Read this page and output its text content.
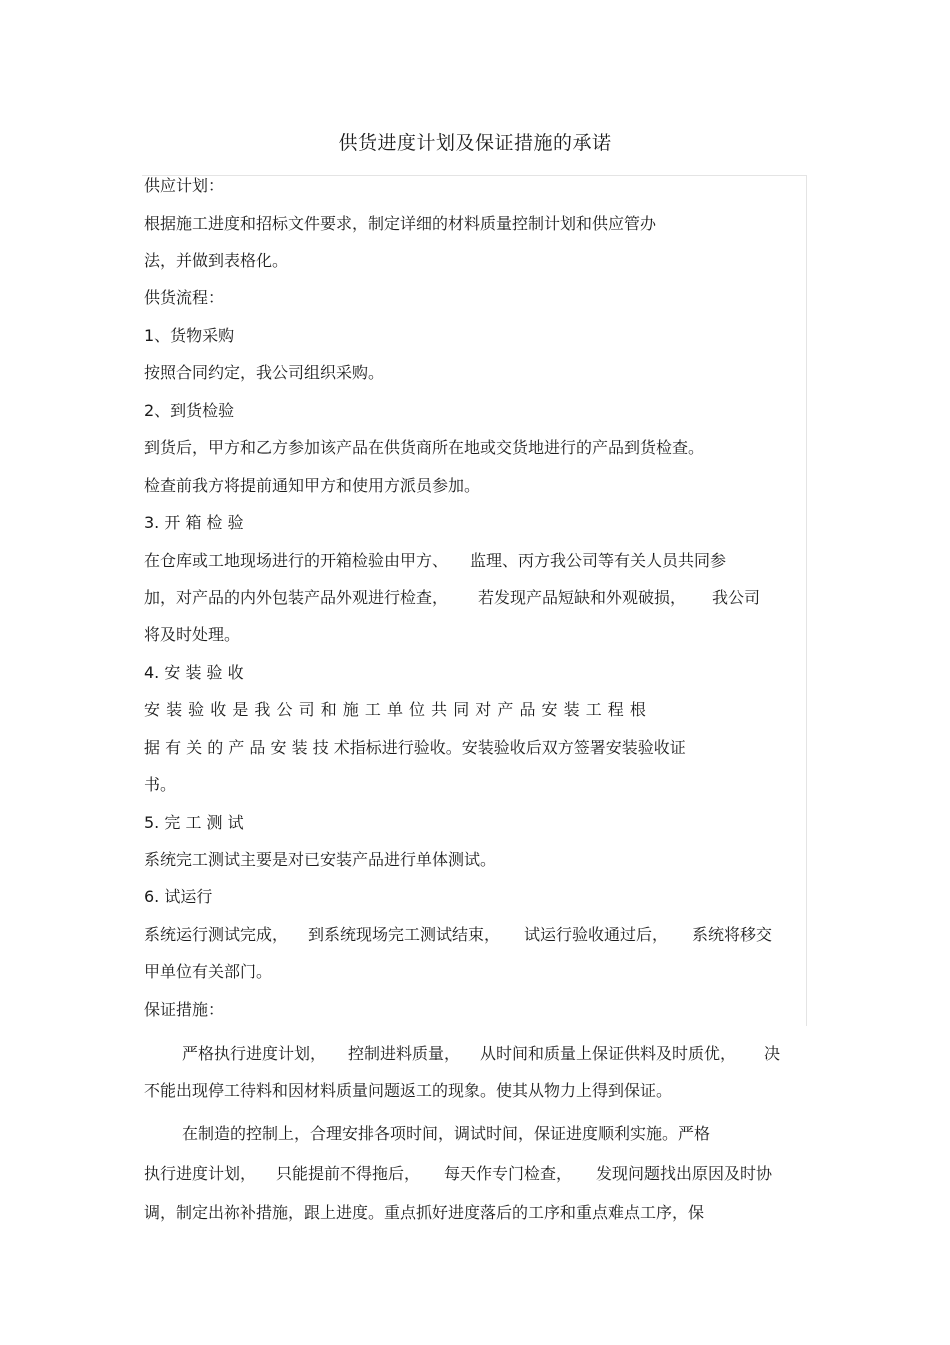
供货进度计划及保证措施的承诺
供应计划：
根据施工进度和招标文件要求，制定详细的材料质量控制计划和供应管办
法，并做到表格化。
供货流程：
1、货物采购
按照合同约定，我公司组织采购。
2、到货检验
到货后，甲方和乙方参加该产品在供货商所在地或交货地进行的产品到货检查。
检查前我方将提前通知甲方和使用方派员参加。
3. 开 箱 检 验
在仓库或工地现场进行的开箱检验由甲方、 监理、丙方我公司等有关人员共同参
加，对产品的内外包装产品外观进行检查， 若发现产品短缺和外观破损， 我公司
将及时处理。
4. 安 装 验 收
安 装 验 收 是 我 公 司 和 施 工 单 位 共 同 对 产 品 安 装 工 程 根
据 有 关 的 产 品 安 装 技 术指标进行验收。安装验收后双方签署安装验收证
书。
5. 完 工 测 试
系统完工测试主要是对已安装产品进行单体测试。
6. 试运行
系统运行测试完成， 到系统现场完工测试结束， 试运行验收通过后， 系统将移交
甲单位有关部门。
保证措施：
严格执行进度计划， 控制进料质量， 从时间和质量上保证供料及时质优， 决
不能出现停工待料和因材料质量问题返工的现象。使其从物力上得到保证。
在制造的控制上，合理安排各项时间，调试时间，保证进度顺利实施。严格
执行进度计划， 只能提前不得拖后， 每天作专门检查， 发现问题找出原因及时协
调，制定出祢补措施，跟上进度。重点抓好进度落后的工序和重点难点工序，保
